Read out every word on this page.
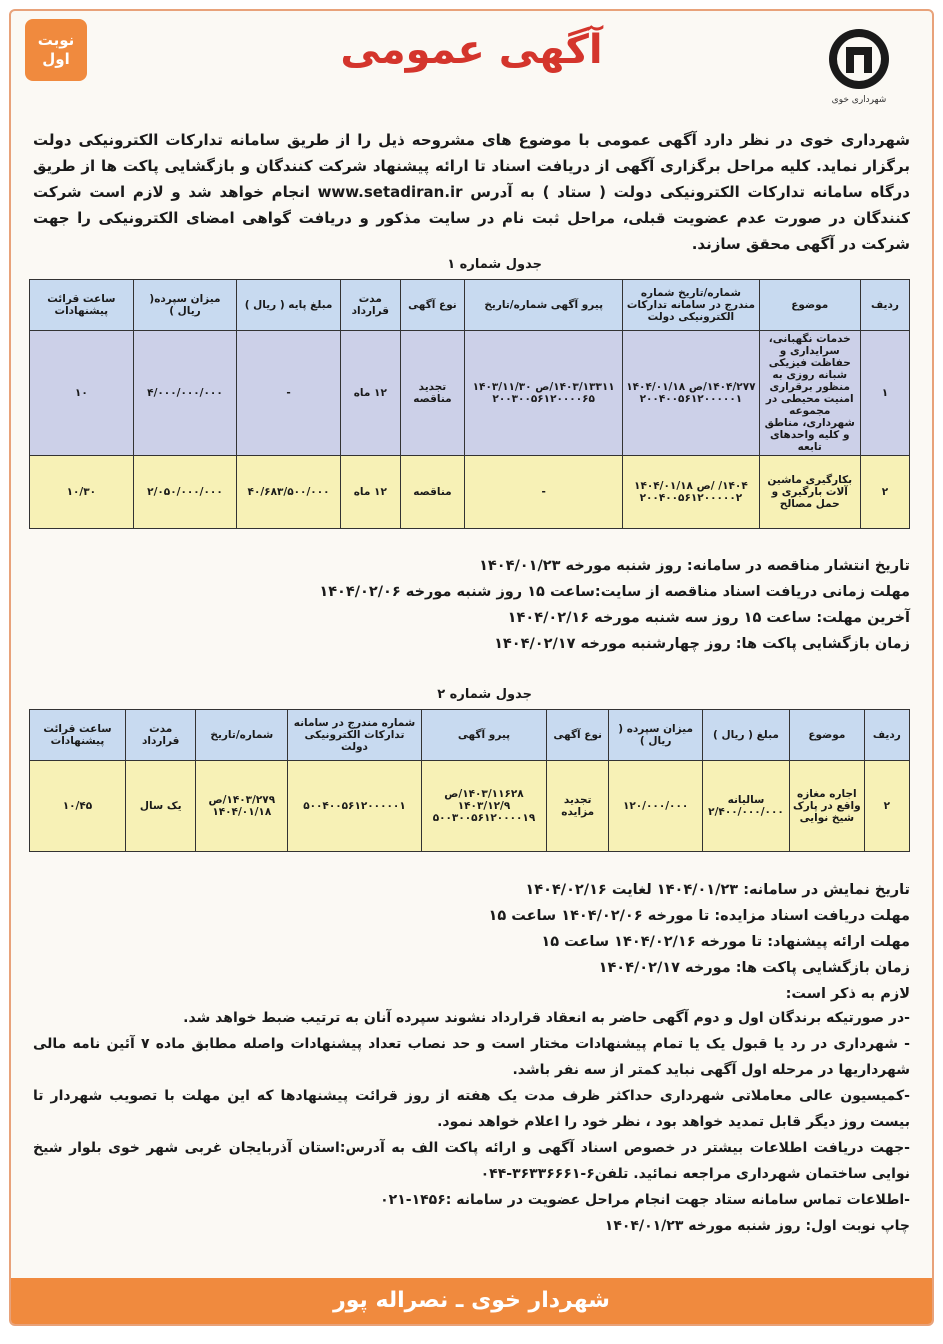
نوبت
اول
شهرداری خوی
آگهی عمومی
شهرداری خوی در نظر دارد آگهی عمومی با موضوع های مشروحه ذیل را از طریق سامانه تدارکات الکترونیکی دولت برگزار نماید. کلیه مراحل برگزاری آگهی از دریافت اسناد تا ارائه پیشنهاد شرکت کنندگان و بازگشایی پاکت ها از طریق درگاه سامانه تدارکات الکترونیکی دولت ( ستاد ) به آدرس www.setadiran.ir انجام خواهد شد و لازم است شرکت کنندگان در صورت عدم عضویت قبلی، مراحل ثبت نام در سایت مذکور و دریافت گواهی امضای الکترونیکی را جهت شرکت در آگهی محقق سازند.
جدول شماره ۱
ردیف	موضوع	شماره/تاریخ شماره مندرج در سامانه تدارکات الکترونیکی دولت	پیرو آگهی شماره/تاریخ	نوع آگهی	مدت قرارداد	مبلغ پایه ( ریال )	میزان سپرده( ریال )	ساعت قرائت پیشنهادات
۱	خدمات نگهبانی، سرایداری و حفاظت فیزیکی شبانه روزی به منظور برقراری امنیت محیطی در مجموعه شهرداری، مناطق و کلیه واحدهای تابعه	۱۴۰۴/۲۷۷/ص ۱۴۰۴/۰۱/۱۸ ۲۰۰۴۰۰۵۶۱۲۰۰۰۰۰۱	۱۴۰۳/۱۳۳۱۱/ص ۱۴۰۳/۱۱/۳۰ ۲۰۰۳۰۰۵۶۱۲۰۰۰۰۶۵	تجدید مناقصه	۱۲ ماه	-	۴/۰۰۰/۰۰۰/۰۰۰	۱۰
۲	بکارگیری ماشین آلات بارگیری و حمل مصالح	۱۴۰۴/ /ص ۱۴۰۴/۰۱/۱۸ ۲۰۰۴۰۰۵۶۱۲۰۰۰۰۰۲	-	مناقصه	۱۲ ماه	۴۰/۶۸۳/۵۰۰/۰۰۰	۲/۰۵۰/۰۰۰/۰۰۰	۱۰/۳۰
تاریخ انتشار مناقصه در سامانه: روز شنبه مورخه ۱۴۰۴/۰۱/۲۳
مهلت زمانی دریافت اسناد مناقصه از سایت:ساعت ۱۵ روز شنبه مورخه ۱۴۰۴/۰۲/۰۶
آخرین مهلت: ساعت ۱۵ روز سه شنبه مورخه ۱۴۰۴/۰۲/۱۶
زمان بازگشایی پاکت ها: روز چهارشنبه مورخه ۱۴۰۴/۰۲/۱۷
جدول شماره ۲
ردیف	موضوع	مبلغ ( ریال )	میزان سپرده ( ریال )	نوع آگهی	پیرو آگهی	شماره مندرج در سامانه تدارکات الکترونیکی دولت	شماره/تاریخ	مدت قرارداد	ساعت قرائت پیشنهادات
۲	اجاره مغازه واقع در پارک شیخ نوایی	سالیانه ۲/۴۰۰/۰۰۰/۰۰۰	۱۲۰/۰۰۰/۰۰۰	تجدید مزایده	۱۴۰۳/۱۱۶۲۸/ص ۱۴۰۳/۱۲/۹ ۵۰۰۳۰۰۵۶۱۲۰۰۰۰۱۹	۵۰۰۴۰۰۵۶۱۲۰۰۰۰۰۱	۱۴۰۳/۲۷۹/ص ۱۴۰۴/۰۱/۱۸	یک سال	۱۰/۴۵
تاریخ نمایش در سامانه: ۱۴۰۴/۰۱/۲۳ لغایت ۱۴۰۴/۰۲/۱۶
مهلت دریافت اسناد مزایده: تا مورخه ۱۴۰۴/۰۲/۰۶ ساعت ۱۵
مهلت ارائه پیشنهاد: تا مورخه ۱۴۰۴/۰۲/۱۶ ساعت ۱۵
زمان بازگشایی پاکت ها: مورخه ۱۴۰۴/۰۲/۱۷
لازم به ذکر است:
-در صورتیکه برندگان اول و دوم آگهی حاضر به انعقاد قرارداد نشوند سپرده آنان به ترتیب ضبط خواهد شد.
- شهرداری در رد یا قبول یک یا تمام پیشنهادات مختار است و حد نصاب تعداد پیشنهادات واصله مطابق ماده ۷ آئین نامه مالی شهرداریها در مرحله اول آگهی نباید کمتر از سه نفر باشد.
-کمیسیون عالی معاملاتی شهرداری حداکثر ظرف مدت یک هفته از روز قرائت پیشنهادها که این مهلت با تصویب شهردار تا بیست روز دیگر قابل تمدید خواهد بود ، نظر خود را اعلام خواهد نمود.
-جهت دریافت اطلاعات بیشتر در خصوص اسناد آگهی و ارائه پاکت الف به آدرس:استان آذربایجان غربی شهر خوی بلوار شیخ نوایی ساختمان شهرداری مراجعه نمائید. تلفن۶-۳۶۳۳۶۶۶۱-۰۴۴
-اطلاعات تماس سامانه ستاد جهت انجام مراحل عضویت در سامانه :۱۴۵۶-۰۲۱
چاپ نوبت اول: روز شنبه مورخه ۱۴۰۴/۰۱/۲۳
شهردار خوی ـ نصراله پور
